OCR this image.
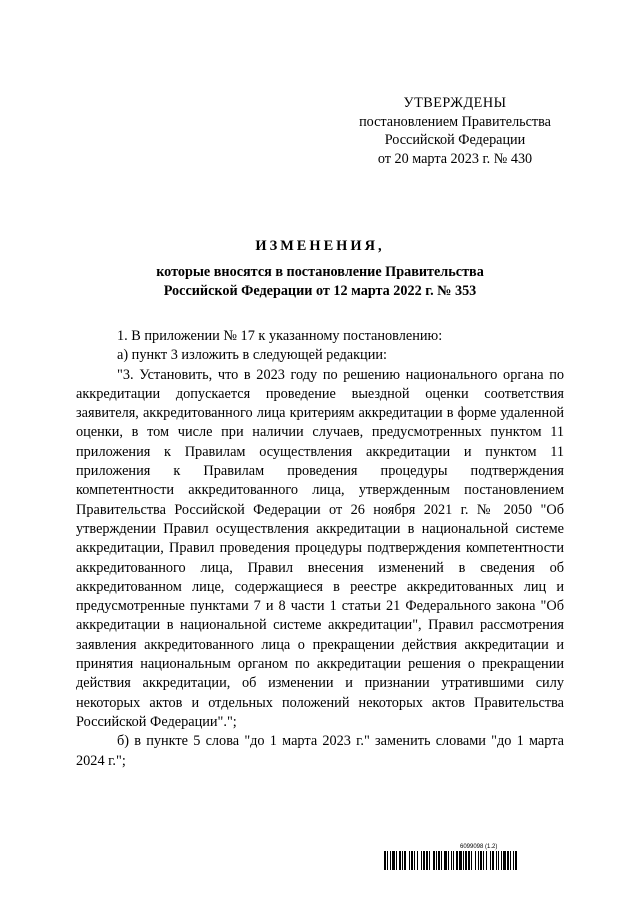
УТВЕРЖДЕНЫ
постановлением Правительства
Российской Федерации
от 20 марта 2023 г. № 430
ИЗМЕНЕНИЯ,
которые вносятся в постановление Правительства
Российской Федерации от 12 марта 2022 г. № 353

1. В приложении № 17 к указанному постановлению:

а) пункт 3 изложить в следующей редакции:

"3. Установить, что в 2023 году по решению национального органа по аккредитации допускается проведение выездной оценки соответствия заявителя, аккредитованного лица критериям аккредитации в форме удаленной оценки, в том числе при наличии случаев, предусмотренных пунктом 11 приложения к Правилам осуществления аккредитации и пунктом 11 приложения к Правилам проведения процедуры подтверждения компетентности аккредитованного лица, утвержденным постановлением Правительства Российской Федерации от 26 ноября 2021 г. № 2050 "Об утверждении Правил осуществления аккредитации в национальной системе аккредитации, Правил проведения процедуры подтверждения компетентности аккредитованного лица, Правил внесения изменений в сведения об аккредитованном лице, содержащиеся в реестре аккредитованных лиц и предусмотренные пунктами 7 и 8 части 1 статьи 21 Федерального закона "Об аккредитации в национальной системе аккредитации", Правил рассмотрения заявления аккредитованного лица о прекращении действия аккредитации и принятия национальным органом по аккредитации решения о прекращении действия аккредитации, об изменении и признании утратившими силу некоторых актов и отдельных положений некоторых актов Правительства Российской Федерации".";

б) в пункте 5 слова "до 1 марта 2023 г." заменить словами "до 1 марта 2024 г.";

6099098 (1.2)
